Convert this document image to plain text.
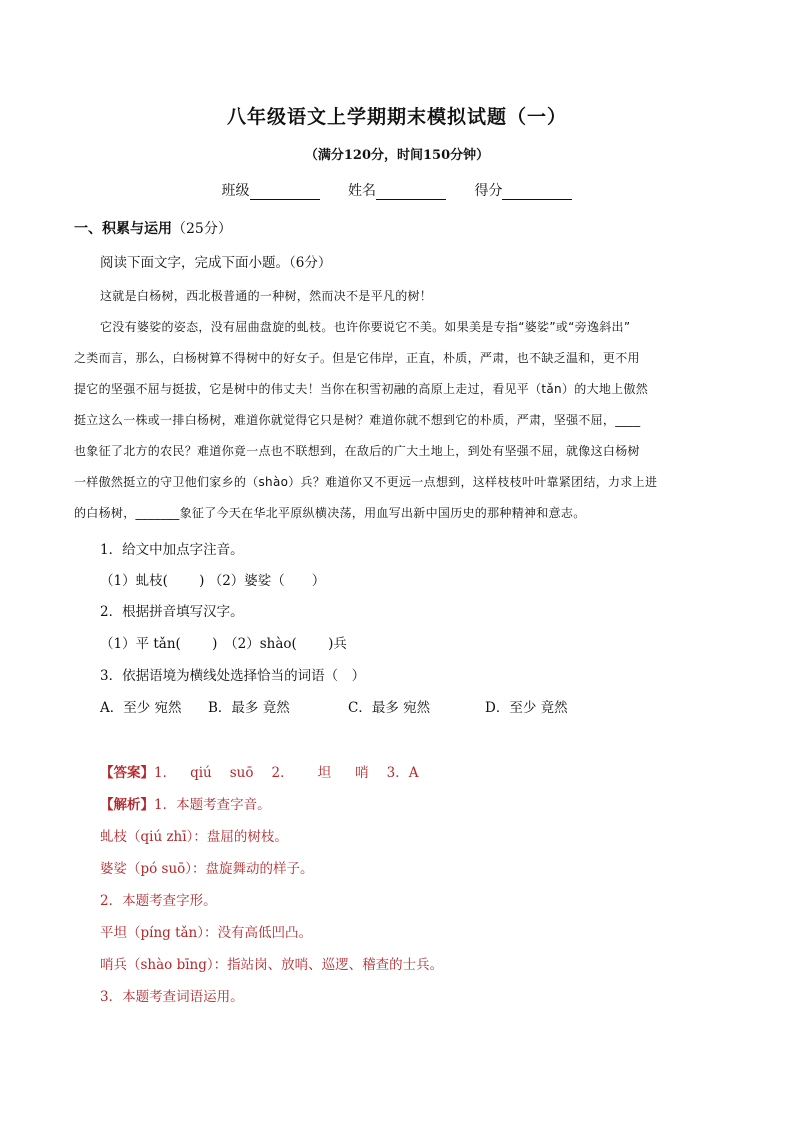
八年级语文上学期期末模拟试题（一）
（满分120分，时间150分钟）
班级	姓名	得分
一、积累与运用（25分）
阅读下面文字，完成下面小题。（6分）
这就是白杨树，西北极普通的一种树，然而决不是平凡的树！
它没有婆娑的姿态，没有屈曲盘旋的虬枝。也许你要说它不美。如果美是专指“婆娑”或“旁逸斜出”
之类而言，那么，白杨树算不得树中的好女子。但是它伟岸，正直，朴质，严肃，也不缺乏温和，更不用
提它的坚强不屈与挺拔，它是树中的伟丈夫！当你在积雪初融的高原上走过，看见平（tǎn）的大地上傲然
挺立这么一株或一排白杨树，难道你就觉得它只是树？难道你就不想到它的朴质，严肃，坚强不屈，____
也象征了北方的农民？难道你竟一点也不联想到，在敌后的广大土地上，到处有坚强不屈，就像这白杨树
一样傲然挺立的守卫他们家乡的（shào）兵？难道你又不更远一点想到，这样枝枝叶叶靠紧团结，力求上进
的白杨树，_______象征了今天在华北平原纵横决荡，用血写出新中国历史的那种精神和意志。
1．给文中加点字注音。
（1）虬枝(　　 ) （2）婆娑（　　）
2．根据拼音填写汉字。
（1）平 tǎn(　　 )　（2）shào(　　 )兵
3．依据语境为横线处选择恰当的词语（　）
A．至少 宛然 B．最多 竟然	C．最多 宛然	D．至少 竟然
【答案】1． qiú suō 2． 坦 哨 3．A
【解析】1．本题考查字音。
虬枝（qiú zhī）：盘屈的树枝。
婆娑（pó suō）：盘旋舞动的样子。
2．本题考查字形。
平坦（píng tǎn）：没有高低凹凸。
哨兵（shào bīng）：指站岗、放哨、巡逻、稽查的士兵。
3．本题考查词语运用。
